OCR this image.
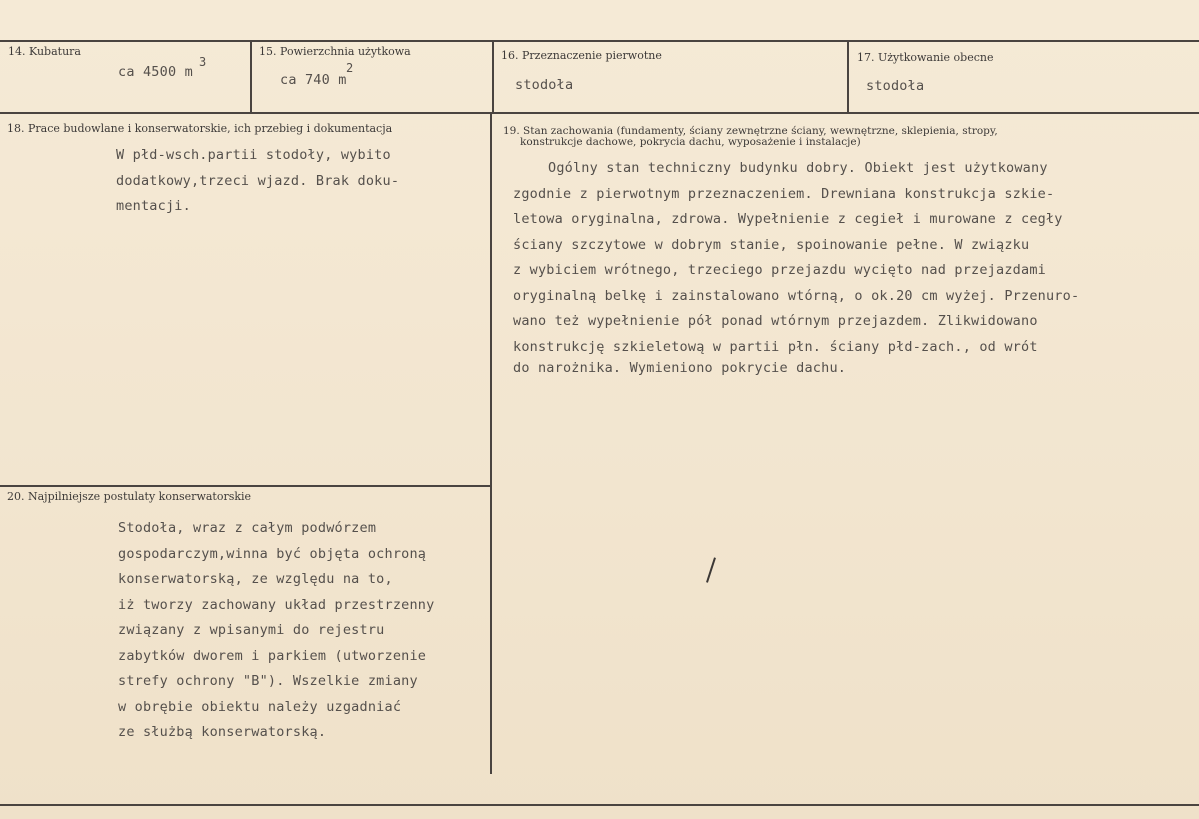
14. Kubatura
ca 4500 m
3
15. Powierzchnia użytkowa
ca 740 m
2
16. Przeznaczenie pierwotne
stodoła
17. Użytkowanie obecne
stodoła
18. Prace budowlane i konserwatorskie, ich przebieg i dokumentacja
W płd-wsch.partii stodoły, wybito
dodatkowy,trzeci wjazd. Brak doku-
mentacji.
19. Stan zachowania (fundamenty, ściany zewnętrzne ściany, wewnętrzne, sklepienia, stropy,
konstrukcje dachowe, pokrycia dachu, wyposażenie i instalacje)
Ogólny stan techniczny budynku dobry. Obiekt jest użytkowany
zgodnie z pierwotnym przeznaczeniem. Drewniana konstrukcja szkie-
letowa oryginalna, zdrowa. Wypełnienie z cegieł i murowane z cegły
ściany szczytowe w dobrym stanie, spoinowanie pełne. W związku
z wybiciem wrótnego, trzeciego przejazdu wycięto nad przejazdami
oryginalną belkę i zainstalowano wtórną, o ok.20 cm wyżej. Przenuro-
wano też wypełnienie pół ponad wtórnym przejazdem. Zlikwidowano
konstrukcję szkieletową w partii płn. ściany płd-zach., od wrót
do narożnika. Wymieniono pokrycie dachu.
20. Najpilniejsze postulaty konserwatorskie
Stodoła, wraz z całym podwórzem
gospodarczym,winna być objęta ochroną
konserwatorską, ze względu na to,
iż tworzy zachowany układ przestrzenny
związany z wpisanymi do rejestru
zabytków dworem i parkiem (utworzenie
strefy ochrony "B"). Wszelkie zmiany
w obrębie obiektu należy uzgadniać
ze służbą konserwatorską.
